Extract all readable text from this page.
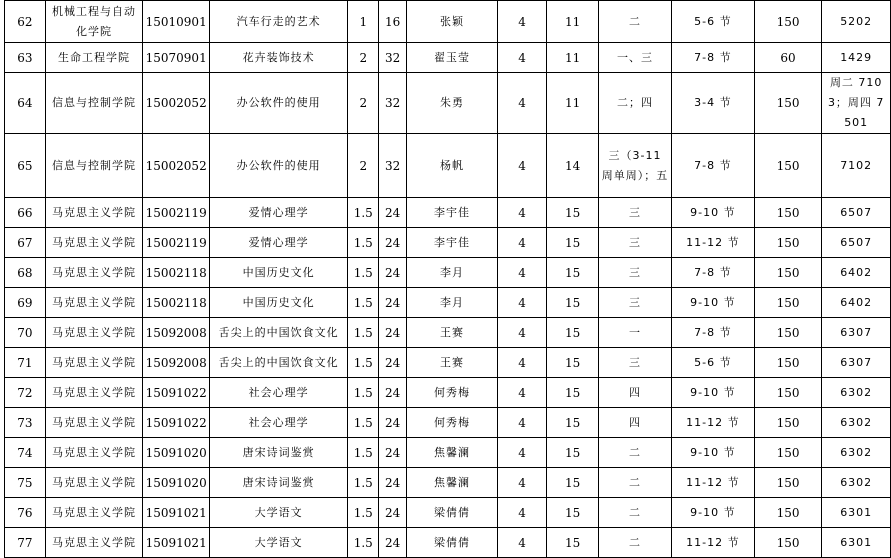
62	机械工程与自动化学院	15010901	汽车行走的艺术	1	16	张颖	4	11	二	5-6 节	150	5202
63	生命工程学院	15070901	花卉装饰技术	2	32	翟玉莹	4	11	一、三	7-8 节	60	1429
64	信息与控制学院	15002052	办公软件的使用	2	32	朱勇	4	11	二；四	3-4 节	150	周二 7103；周四 7501
65	信息与控制学院	15002052	办公软件的使用	2	32	杨帆	4	14	三（3-11 周单周）；五	7-8 节	150	7102
66	马克思主义学院	15002119	爱情心理学	1.5	24	李宇佳	4	15	三	9-10 节	150	6507
67	马克思主义学院	15002119	爱情心理学	1.5	24	李宇佳	4	15	三	11-12 节	150	6507
68	马克思主义学院	15002118	中国历史文化	1.5	24	李月	4	15	三	7-8 节	150	6402
69	马克思主义学院	15002118	中国历史文化	1.5	24	李月	4	15	三	9-10 节	150	6402
70	马克思主义学院	15092008	舌尖上的中国饮食文化	1.5	24	王赛	4	15	一	7-8 节	150	6307
71	马克思主义学院	15092008	舌尖上的中国饮食文化	1.5	24	王赛	4	15	三	5-6 节	150	6307
72	马克思主义学院	15091022	社会心理学	1.5	24	何秀梅	4	15	四	9-10 节	150	6302
73	马克思主义学院	15091022	社会心理学	1.5	24	何秀梅	4	15	四	11-12 节	150	6302
74	马克思主义学院	15091020	唐宋诗词鉴赏	1.5	24	焦馨澜	4	15	二	9-10 节	150	6302
75	马克思主义学院	15091020	唐宋诗词鉴赏	1.5	24	焦馨澜	4	15	二	11-12 节	150	6302
76	马克思主义学院	15091021	大学语文	1.5	24	梁倩倩	4	15	二	9-10 节	150	6301
77	马克思主义学院	15091021	大学语文	1.5	24	梁倩倩	4	15	二	11-12 节	150	6301
